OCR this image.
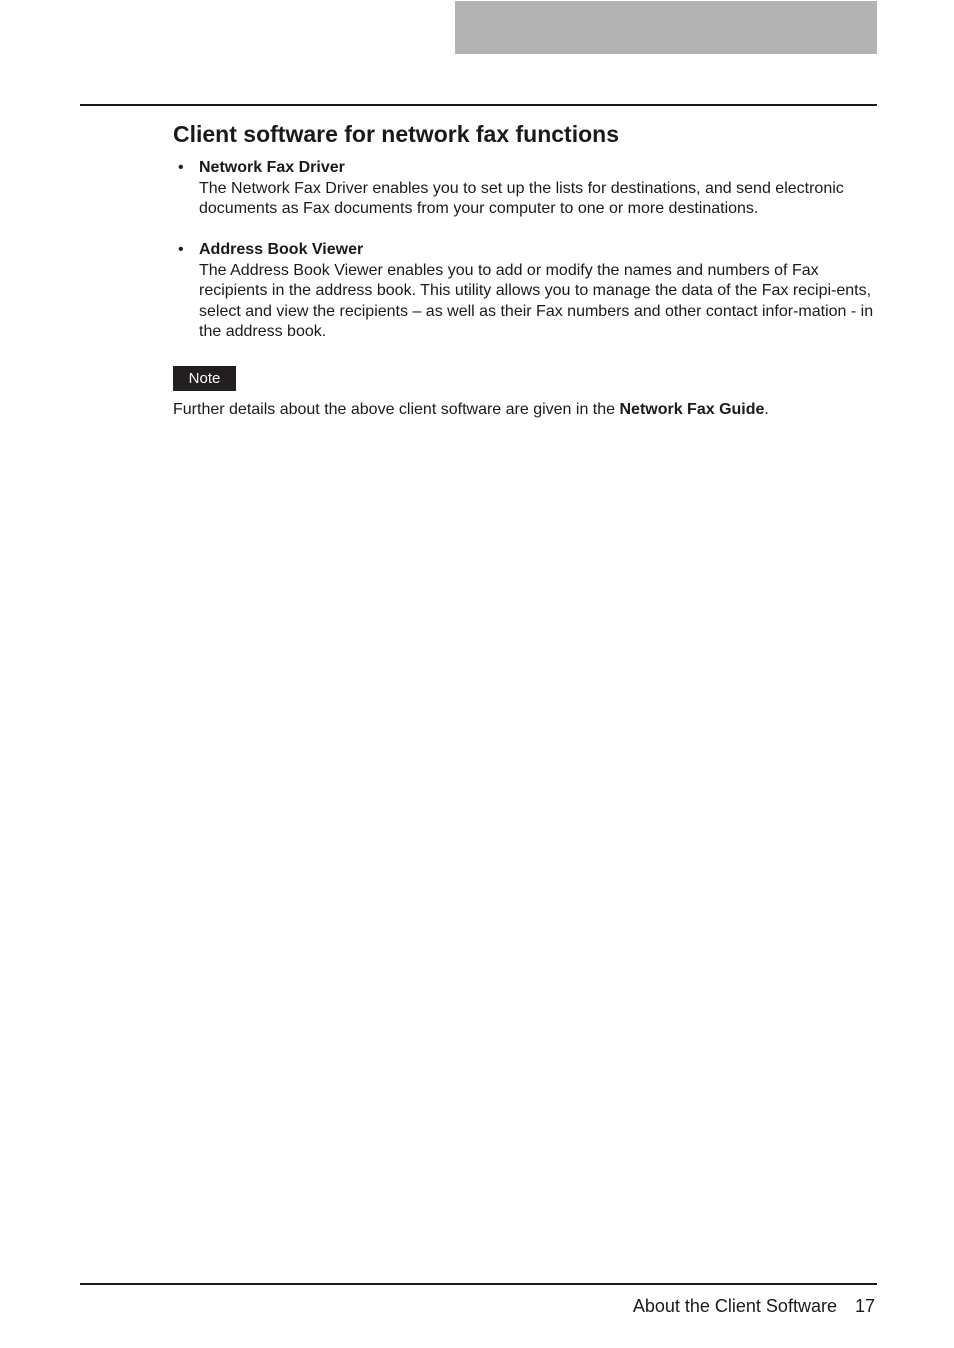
Client software for network fax functions
• Network Fax Driver
The Network Fax Driver enables you to set up the lists for destinations, and send electronic documents as Fax documents from your computer to one or more destinations.
• Address Book Viewer
The Address Book Viewer enables you to add or modify the names and numbers of Fax recipients in the address book. This utility allows you to manage the data of the Fax recipi-ents, select and view the recipients – as well as their Fax numbers and other contact infor-mation - in the address book.
Note

Further details about the above client software are given in the Network Fax Guide.

About the Client Software 17
